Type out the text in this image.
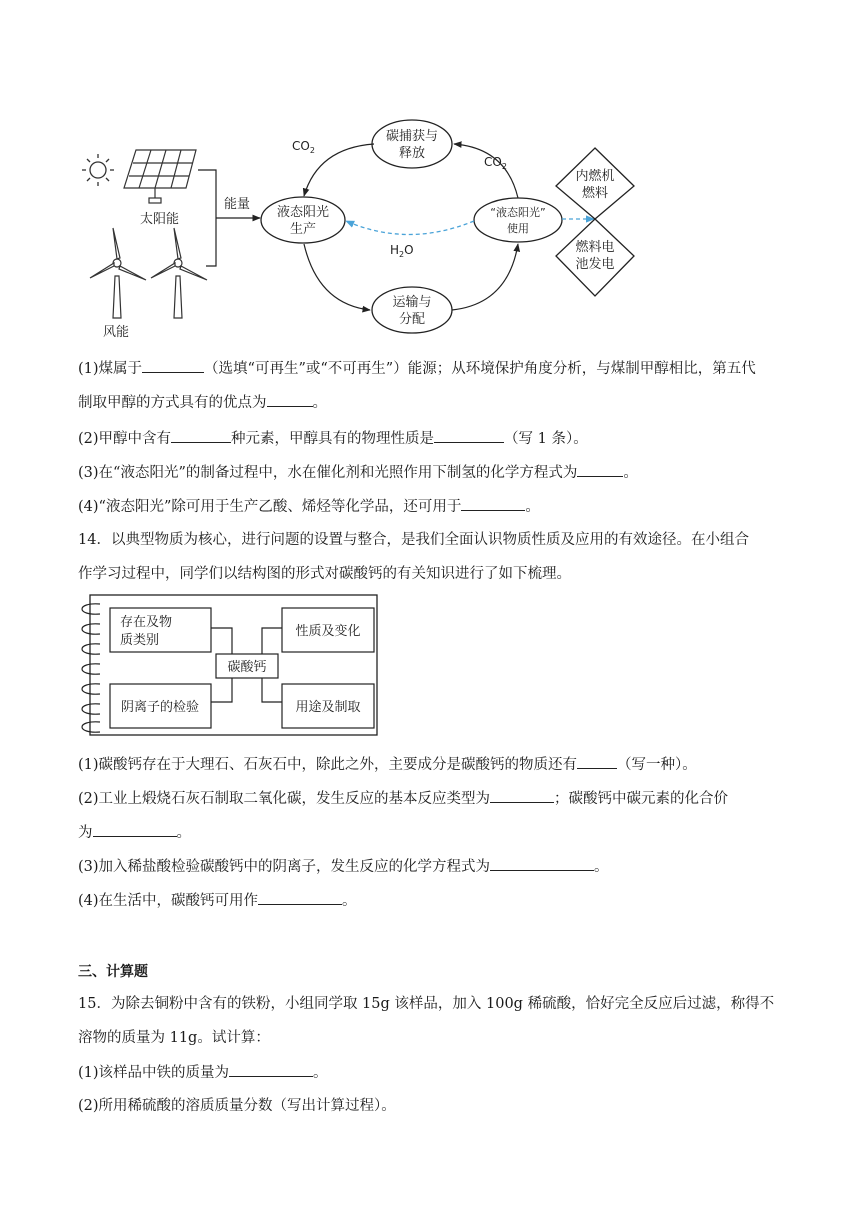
太阳能
风能
能量
液态阳光
生产
碳捕获与
释放
运输与
分配
“液态阳光”
使用
$CO_2$
$CO_2$
$H_2O$
内燃机
燃料
燃料电
池发电
(1)煤属于	（选填“可再生”或“不可再生”）能源；从环境保护角度分析，与煤制甲醇相比，第五代
制取甲醇的方式具有的优点为	。
(2)甲醇中含有	种元素，甲醇具有的物理性质是	（写 1 条）。
(3)在“液态阳光”的制备过程中，水在催化剂和光照作用下制氢的化学方程式为	。
(4)“液态阳光”除可用于生产乙酸、烯烃等化学品，还可用于	。
14．以典型物质为核心，进行问题的设置与整合，是我们全面认识物质性质及应用的有效途径。在小组合
作学习过程中，同学们以结构图的形式对碳酸钙的有关知识进行了如下梳理。
存在及物
质类别
性质及变化
碳酸钙
阴离子的检验	用途及制取
(1)碳酸钙存在于大理石、石灰石中，除此之外，主要成分是碳酸钙的物质还有	（写一种）。
(2)工业上煅烧石灰石制取二氧化碳，发生反应的基本反应类型为	；碳酸钙中碳元素的化合价
为	。
(3)加入稀盐酸检验碳酸钙中的阴离子，发生反应的化学方程式为	。
(4)在生活中，碳酸钙可用作	。
三、计算题
15．为除去铜粉中含有的铁粉，小组同学取 15g 该样品，加入 100g 稀硫酸，恰好完全反应后过滤，称得不
溶物的质量为 11g。试计算：
(1)该样品中铁的质量为	。
(2)所用稀硫酸的溶质质量分数（写出计算过程）。
